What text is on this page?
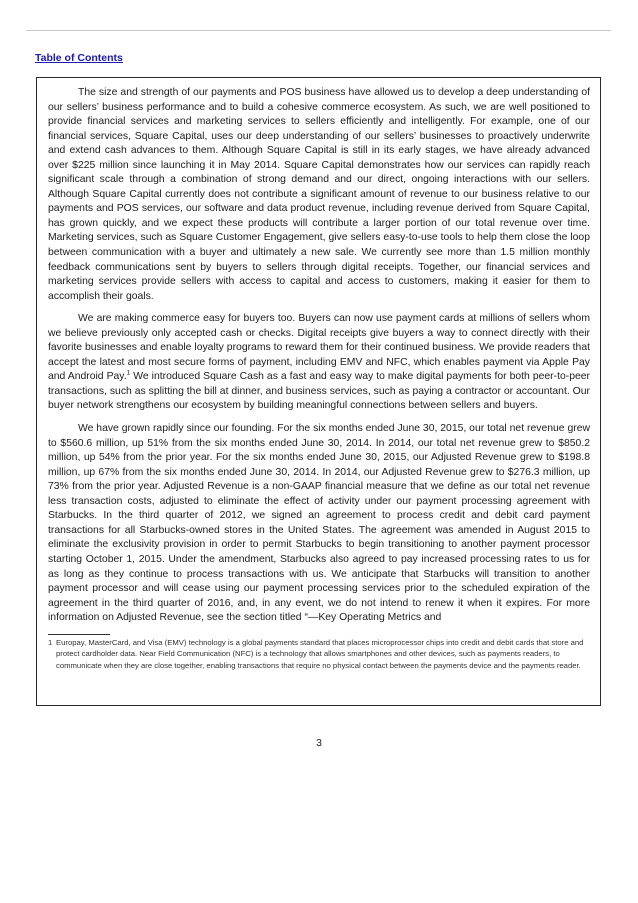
Table of Contents

The size and strength of our payments and POS business have allowed us to develop a deep understanding of our sellers’ business performance and to build a cohesive commerce ecosystem. As such, we are well positioned to provide financial services and marketing services to sellers efficiently and intelligently. For example, one of our financial services, Square Capital, uses our deep understanding of our sellers’ businesses to proactively underwrite and extend cash advances to them. Although Square Capital is still in its early stages, we have already advanced over $225 million since launching it in May 2014. Square Capital demonstrates how our services can rapidly reach significant scale through a combination of strong demand and our direct, ongoing interactions with our sellers. Although Square Capital currently does not contribute a significant amount of revenue to our business relative to our payments and POS services, our software and data product revenue, including revenue derived from Square Capital, has grown quickly, and we expect these products will contribute a larger portion of our total revenue over time. Marketing services, such as Square Customer Engagement, give sellers easy-to-use tools to help them close the loop between communication with a buyer and ultimately a new sale. We currently see more than 1.5 million monthly feedback communications sent by buyers to sellers through digital receipts. Together, our financial services and marketing services provide sellers with access to capital and access to customers, making it easier for them to accomplish their goals.

We are making commerce easy for buyers too. Buyers can now use payment cards at millions of sellers whom we believe previously only accepted cash or checks. Digital receipts give buyers a way to connect directly with their favorite businesses and enable loyalty programs to reward them for their continued business. We provide readers that accept the latest and most secure forms of payment, including EMV and NFC, which enables payment via Apple Pay and Android Pay.$^1$ We introduced Square Cash as a fast and easy way to make digital payments for both peer-to-peer transactions, such as splitting the bill at dinner, and business services, such as paying a contractor or accountant. Our buyer network strengthens our ecosystem by building meaningful connections between sellers and buyers.

We have grown rapidly since our founding. For the six months ended June 30, 2015, our total net revenue grew to $560.6 million, up 51% from the six months ended June 30, 2014. In 2014, our total net revenue grew to $850.2 million, up 54% from the prior year. For the six months ended June 30, 2015, our Adjusted Revenue grew to $198.8 million, up 67% from the six months ended June 30, 2014. In 2014, our Adjusted Revenue grew to $276.3 million, up 73% from the prior year. Adjusted Revenue is a non-GAAP financial measure that we define as our total net revenue less transaction costs, adjusted to eliminate the effect of activity under our payment processing agreement with Starbucks. In the third quarter of 2012, we signed an agreement to process credit and debit card payment transactions for all Starbucks-owned stores in the United States. The agreement was amended in August 2015 to eliminate the exclusivity provision in order to permit Starbucks to begin transitioning to another payment processor starting October 1, 2015. Under the amendment, Starbucks also agreed to pay increased processing rates to us for as long as they continue to process transactions with us. We anticipate that Starbucks will transition to another payment processor and will cease using our payment processing services prior to the scheduled expiration of the agreement in the third quarter of 2016, and, in any event, we do not intend to renew it when it expires. For more information on Adjusted Revenue, see the section titled “—Key Operating Metrics and

1 Europay, MasterCard, and Visa (EMV) technology is a global payments standard that places microprocessor chips into credit and debit cards that store and protect cardholder data. Near Field Communication (NFC) is a technology that allows smartphones and other devices, such as payments readers, to communicate when they are close together, enabling transactions that require no physical contact between the payments device and the payments reader.

3
